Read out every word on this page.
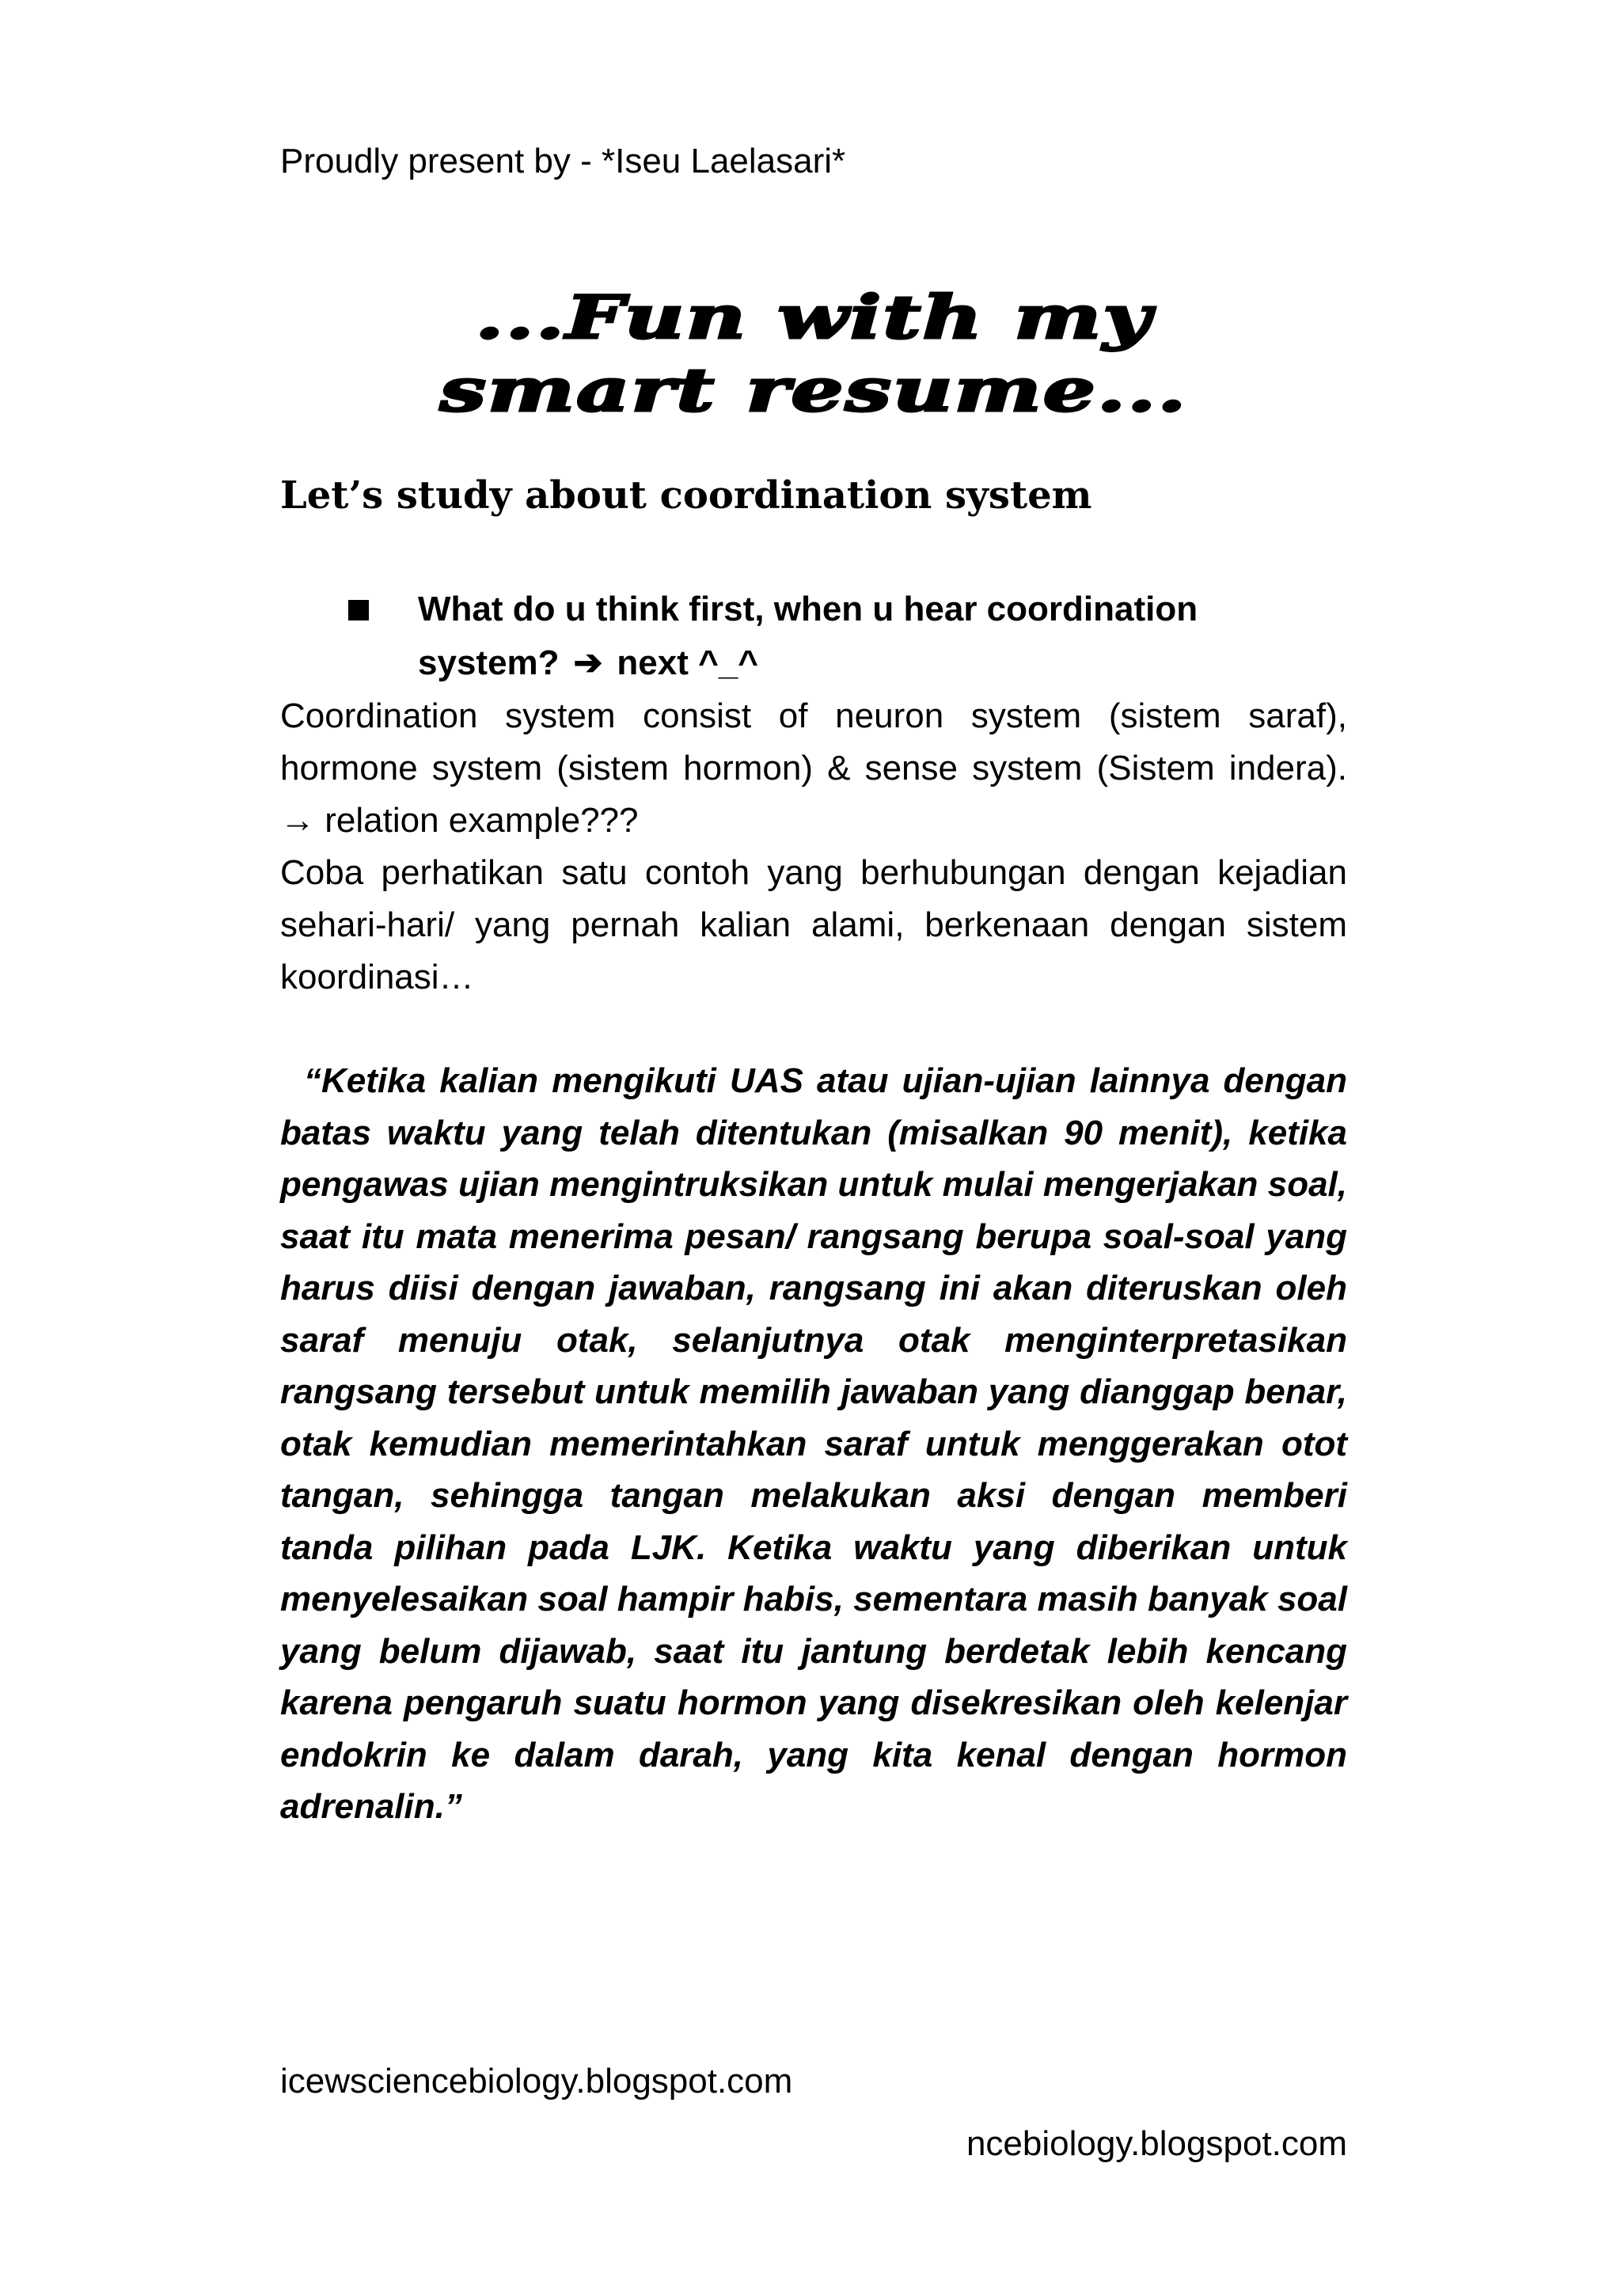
Proudly present by - *Iseu Laelasari*
...Fun with my
smart resume...
Let’s study about coordination system
What do u think first, when u hear coordination system? ➔ next ^_^

Coordination system consist of neuron system (sistem saraf), hormone system (sistem hormon) & sense system (Sistem indera). → relation example???

Coba perhatikan satu contoh yang berhubungan dengan kejadian sehari-hari/ yang pernah kalian alami, berkenaan dengan sistem koordinasi…

“Ketika kalian mengikuti UAS atau ujian-ujian lainnya dengan batas waktu yang telah ditentukan (misalkan 90 menit), ketika pengawas ujian mengintruksikan untuk mulai mengerjakan soal, saat itu mata menerima pesan/ rangsang berupa soal-soal yang harus diisi dengan jawaban, rangsang ini akan diteruskan oleh saraf menuju otak, selanjutnya otak menginterpretasikan rangsang tersebut untuk memilih jawaban yang dianggap benar, otak kemudian memerintahkan saraf untuk menggerakan otot tangan, sehingga tangan melakukan aksi dengan memberi tanda pilihan pada LJK. Ketika waktu yang diberikan untuk menyelesaikan soal hampir habis, sementara masih banyak soal yang belum dijawab, saat itu jantung berdetak lebih kencang karena pengaruh suatu hormon yang disekresikan oleh kelenjar endokrin ke dalam darah, yang kita kenal dengan hormon adrenalin.”
icewsciencebiology.blogspot.com
ncebiology.blogspot.com
